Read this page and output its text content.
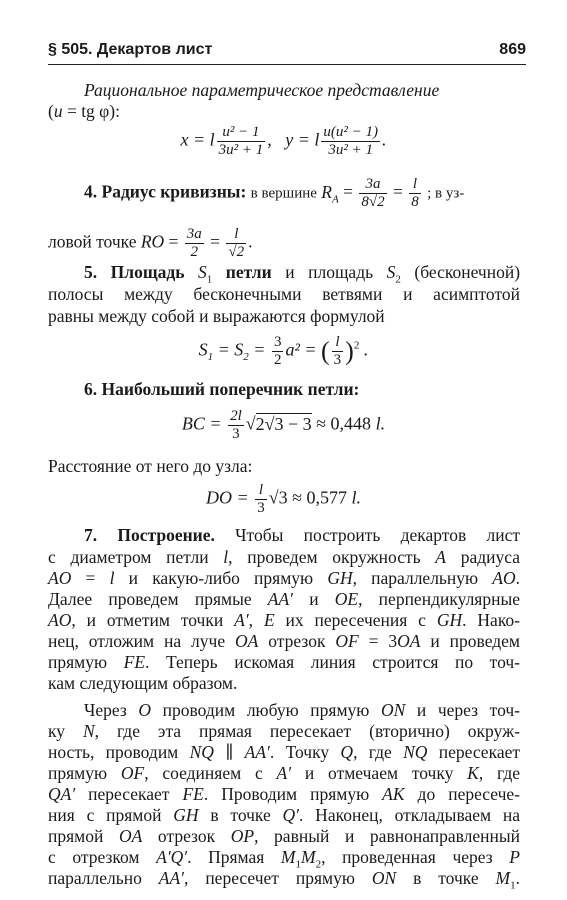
§ 505. Декартов лист	869
Рациональное параметрическое представление
(u = tg φ):
x = l $\frac{\text{u² − 1}}{\text{3u² + 1}}$ ,   y = l $\frac{\text{u(u² − 1)}}{\text{3u² + 1}}$ .
4. Радиус кривизны: в вершине $R_A = \frac{3a}{8√2} = \frac{l}{8}$ ; в уз-
ловой точке RO = $\frac{3a}{2} = \frac{l}{√2}$ .
5. Площадь $S_1$ петли и площадь $S_2$ (бесконечной)
полосы между бесконечными ветвями и асимптотой
равны между собой и выражаются формулой
$S_1 = S_2 = \frac{3}{2} a^2$ = ( $\frac{l}{3} )^2$ .
6. Наибольший поперечник петли:
BC = $\frac{2l}{3} √2√3 - 3 \approx 0,448$ l.
Расстояние от него до узла:
DO = $\frac{l}{3} √3 \approx 0,577$ l.
7. Построение. Чтобы построить декартов лист
с диаметром петли l, проведем окружность A радиуса
AO = l и какую-либо прямую GH, параллельную AO.
Далее проведем прямые AA′ и OE, перпендикулярные
AO, и отметим точки A′, E их пересечения с GH. Нако-
нец, отложим на луче OA отрезок OF = 3OA и проведем
прямую FE. Теперь искомая линия строится по точ-
кам следующим образом.
Через O проводим любую прямую ON и через точ-
ку N, где эта прямая пересекает (вторично) окруж-
ность, проводим NQ ∥ AA′. Точку Q, где NQ пересекает
прямую OF, соединяем с A′ и отмечаем точку K, где
QA′ пересекает FE. Проводим прямую AK до пересече-
ния с прямой GH в точке Q′. Наконец, откладываем на
прямой OA отрезок OP, равный и равнонаправленный
с отрезком A′Q′. Прямая $M_1M_2$, проведенная через P
параллельно AA′, пересечет прямую ON в точке $M_1$.
